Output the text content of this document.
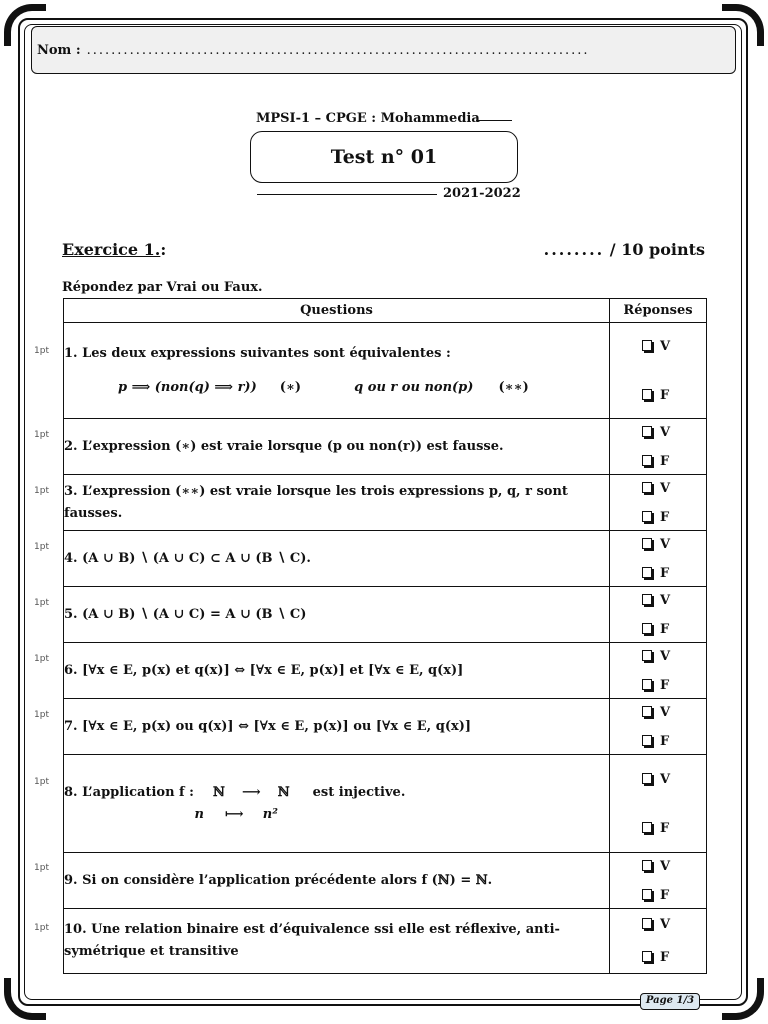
Nom : ..................................................................................
MPSI-1 – CPGE : Mohammedia
Test n° 01
2021-2022
Exercice 1.:	........ / 10 points
Répondez par Vrai ou Faux.
Questions	Réponses
1. Les deux expressions suivantes sont équivalentes :
p ⟹ (non(q) ⟹ r)) (∗) q ou r ou non(p) (∗∗)	V
F

2. L’expression (∗) est vraie lorsque (p ou non(r)) est fausse.	V
F

3. L’expression (∗∗) est vraie lorsque les trois expressions p, q, r sont fausses.	V
F

4. (A ∪ B) ∖ (A ∪ C) ⊂ A ∪ (B ∖ C).	V
F

5. (A ∪ B) ∖ (A ∪ C) = A ∪ (B ∖ C)	V
F

6. [∀x ∈ E, p(x) et q(x)] ⇔ [∀x ∈ E, p(x)] et [∀x ∈ E, q(x)]	V
F

7. [∀x ∈ E, p(x) ou q(x)] ⇔ [∀x ∈ E, p(x)] ou [∀x ∈ E, q(x)]	V
F

8. L’application f : ℕ ⟶ ℕ est injective.
n ⟼ n²	V
F

9. Si on considère l’application précédente alors f (ℕ) = ℕ.	V
F

10. Une relation binaire est d’équivalence ssi elle est réflexive, anti-symétrique et transitive	V
F
1pt
1pt
1pt
1pt
1pt
1pt
1pt
1pt
1pt
1pt
Page 1/3
